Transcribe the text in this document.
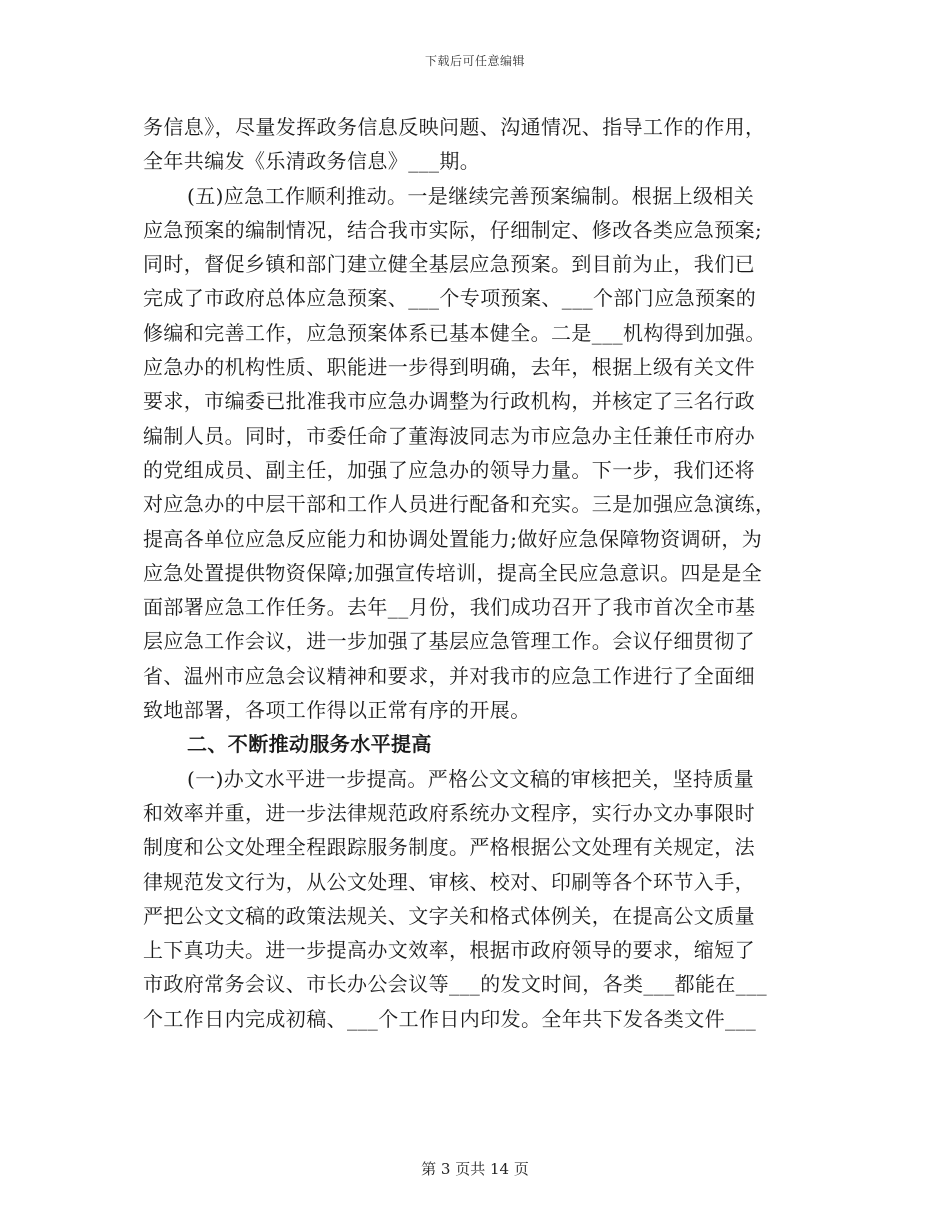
下载后可任意编辑
务信息》，尽量发挥政务信息反映问题、沟通情况、指导工作的作用，
全年共编发《乐清政务信息》___期。
(五)应急工作顺利推动。一是继续完善预案编制。根据上级相关
应急预案的编制情况，结合我市实际，仔细制定、修改各类应急预案;
同时，督促乡镇和部门建立健全基层应急预案。到目前为止，我们已
完成了市政府总体应急预案、___个专项预案、___个部门应急预案的
修编和完善工作，应急预案体系已基本健全。二是___机构得到加强。
应急办的机构性质、职能进一步得到明确，去年，根据上级有关文件
要求，市编委已批准我市应急办调整为行政机构，并核定了三名行政
编制人员。同时，市委任命了董海波同志为市应急办主任兼任市府办
的党组成员、副主任，加强了应急办的领导力量。下一步，我们还将
对应急办的中层干部和工作人员进行配备和充实。三是加强应急演练，
提高各单位应急反应能力和协调处置能力;做好应急保障物资调研，为
应急处置提供物资保障;加强宣传培训，提高全民应急意识。四是是全
面部署应急工作任务。去年__月份，我们成功召开了我市首次全市基
层应急工作会议，进一步加强了基层应急管理工作。会议仔细贯彻了
省、温州市应急会议精神和要求，并对我市的应急工作进行了全面细
致地部署，各项工作得以正常有序的开展。
二、不断推动服务水平提高
(一)办文水平进一步提高。严格公文文稿的审核把关，坚持质量
和效率并重，进一步法律规范政府系统办文程序，实行办文办事限时
制度和公文处理全程跟踪服务制度。严格根据公文处理有关规定，法
律规范发文行为，从公文处理、审核、校对、印刷等各个环节入手，
严把公文文稿的政策法规关、文字关和格式体例关，在提高公文质量
上下真功夫。进一步提高办文效率，根据市政府领导的要求，缩短了
市政府常务会议、市长办公会议等___的发文时间，各类___都能在___
个工作日内完成初稿、___个工作日内印发。全年共下发各类文件___
第 3 页共 14 页
